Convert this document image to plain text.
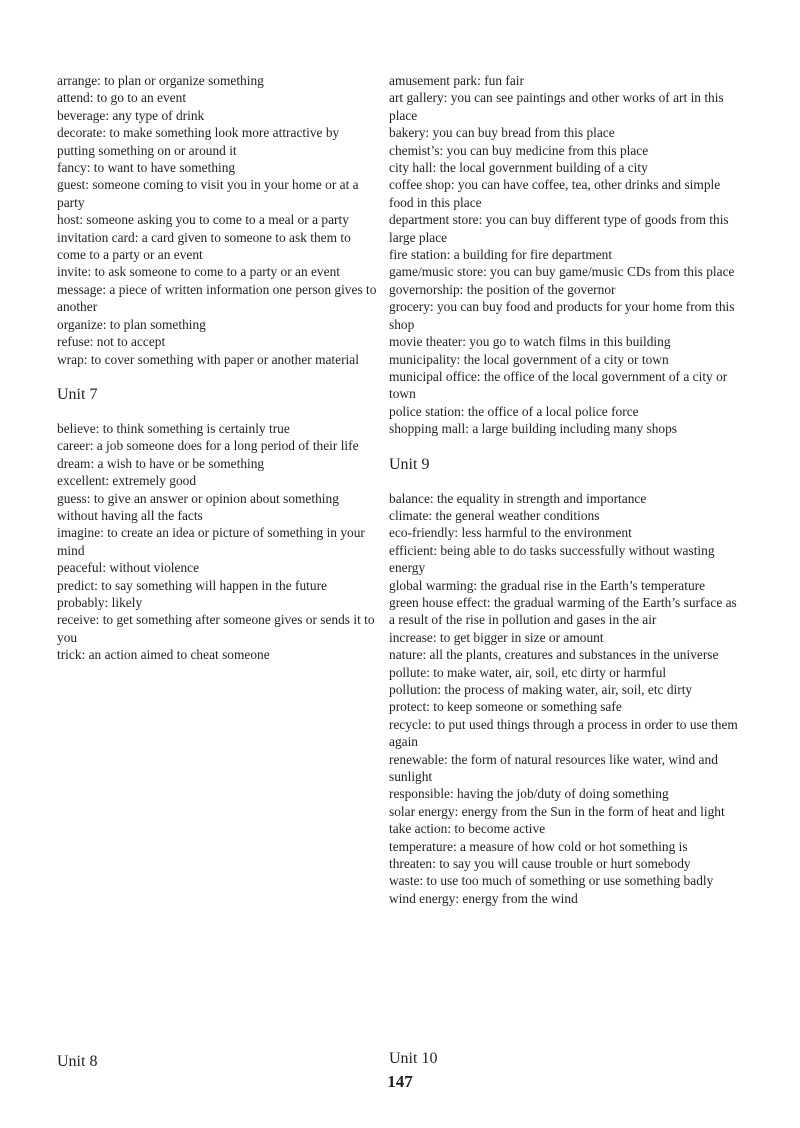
arrange: to plan or organize something

attend: to go to an event

beverage: any type of drink

decorate: to make something look more attractive by putting something on or around it

fancy: to want to have something

guest: someone coming to visit you in your home or at a party

host: someone asking you to come to a meal or a party

invitation card: a card given to someone to ask them to come to a party or an event

invite: to ask someone to come to a party or an event

message: a piece of written information one person gives to another

organize: to plan something

refuse: not to accept

wrap: to cover something with paper or another material

Unit 7

believe: to think something is certainly true

career: a job someone does for a long period of their life

dream: a wish to have or be something

excellent: extremely good

guess: to give an answer or opinion about something without having all the facts

imagine: to create an idea or picture of something in your mind

peaceful: without violence

predict: to say something will happen in the future

probably: likely

receive: to get something after someone gives or sends it to you

trick: an action aimed to cheat someone

amusement park: fun fair

art gallery: you can see paintings and other works of art in this place

bakery: you can buy bread from this place

chemist’s: you can buy medicine from this place

city hall: the local government building of a city

coffee shop: you can have coffee, tea, other drinks and simple food in this place

department store: you can buy different type of goods from this large place

fire station: a building for fire department

game/music store: you can buy game/music CDs from this place

governorship: the position of the governor

grocery: you can buy food and products for your home from this shop

movie theater: you go to watch films in this building

municipality: the local government of a city or town

municipal office: the office of the local government of a city or town

police station: the office of a local police force

shopping mall: a large building including many shops

Unit 9

balance: the equality in strength and importance

climate: the general weather conditions

eco-friendly: less harmful to the environment

efficient: being able to do tasks successfully without wasting energy

global warming: the gradual rise in the Earth’s temperature

green house effect: the gradual warming of the Earth’s surface as a result of the rise in pollution and gases in the air

increase: to get bigger in size or amount

nature: all the plants, creatures and substances in the universe

pollute: to make water, air, soil, etc dirty or harmful

pollution: the process of making water, air, soil, etc dirty

protect: to keep someone or something safe

recycle: to put used things through a process in order to use them again

renewable: the form of natural resources like water, wind and sunlight

responsible: having the job/duty of doing something

solar energy: energy from the Sun in the form of heat and light

take action: to become active

temperature: a measure of how cold or hot something is

threaten: to say you will cause trouble or hurt somebody

waste: to use too much of something or use something badly

wind energy: energy from the wind

Unit 8	Unit 10
147
